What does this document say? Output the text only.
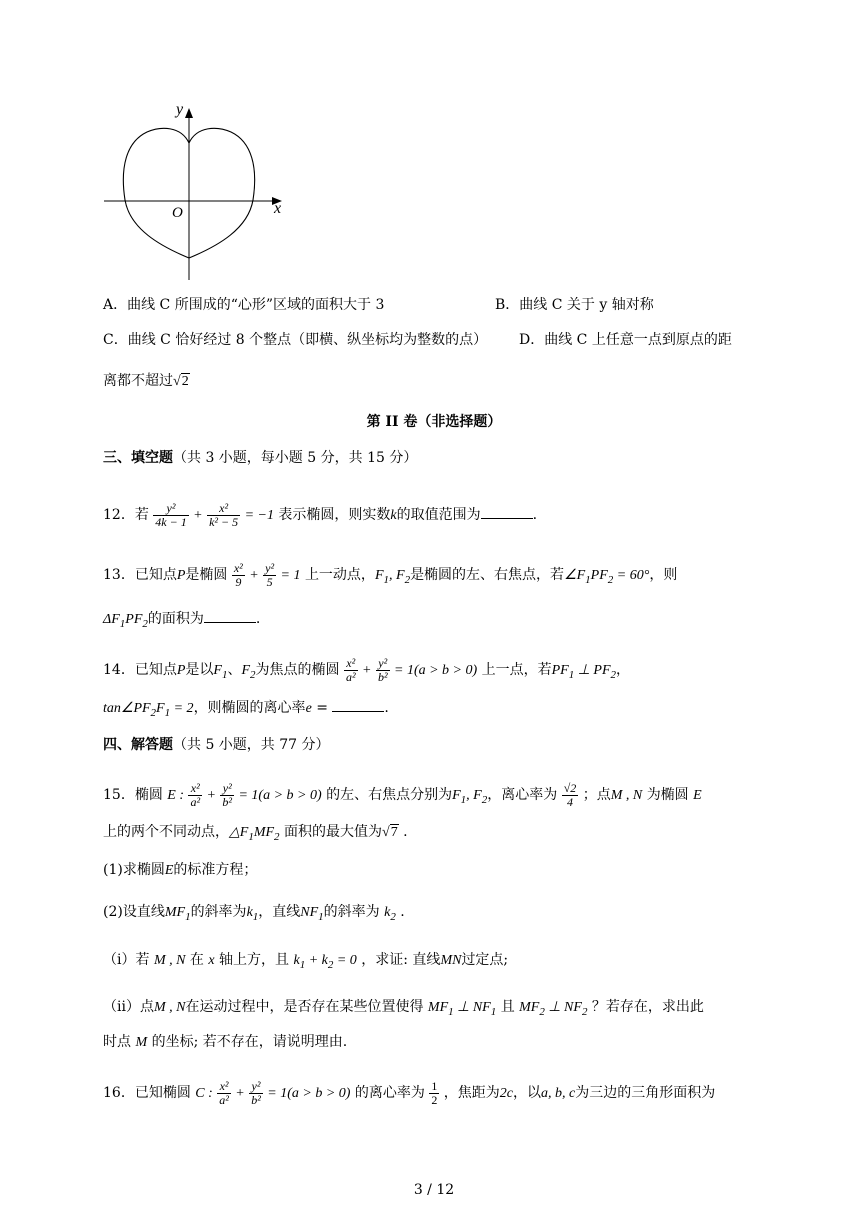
y
x
O
A．曲线 C 所围成的“心形”区域的面积大于 3	B．曲线 C 关于 y 轴对称
C．曲线 C 恰好经过 8 个整点（即横、纵坐标均为整数的点） D．曲线 C 上任意一点到原点的距
离都不超过√2
第 II 卷（非选择题）
三、填空题（共 3 小题，每小题 5 分，共 15 分）
12．若 $\frac{\text{y²}}{4k - 1} + \frac{\text{x²}}{\text{k² − 5}} = -1$ 表示椭圆，则实数k的取值范围为	.
13．已知点P是椭圆 $\frac{\text{x²}}{9} + \frac{\text{y²}}{5} = 1$ 上一动点，$F_1$, $F_2$是椭圆的左、右焦点，若$\angle F_1PF_2 = 60^\circ$，则
$\Delta F_1PF_2$的面积为	.
14．已知点P是以$F_1$、$F_2$为焦点的椭圆 $\frac{\text{x²}}{\text{a²}} + \frac{\text{y²}}{\text{b²}} = 1(a > b > 0)$ 上一点，若$PF_1$ ⊥ $PF_2$，
$\tan\angle PF_2F_1 = 2$，则椭圆的离心率e =	.
四、解答题（共 5 小题，共 77 分）
15．椭圆 E : $\frac{\text{x²}}{\text{a²}} + \frac{\text{y²}}{\text{b²}} = 1(a > b > 0)$ 的左、右焦点分别为$F_1$, $F_2$，离心率为 $\frac{√2}{4}$ ；点M , N 为椭圆 E
上的两个不同动点，$\triangle F_1MF_2$ 面积的最大值为√7 .
(1)求椭圆E的标准方程；
(2)设直线$MF_1$的斜率为$k_1$，直线$NF_1$的斜率为 $k_2$ .
（i）若 M , N 在 x 轴上方，且 $k_1 + k_2 = 0$ ，求证: 直线MN过定点;
（ii）点M , N在运动过程中，是否存在某些位置使得 $MF_1$ ⊥ $NF_1$ 且 $MF_2$ ⊥ $NF_2$ ？若存在，求出此
时点 M 的坐标; 若不存在，请说明理由.
16．已知椭圆 C : $\frac{\text{x²}}{\text{a²}} + \frac{\text{y²}}{\text{b²}} = 1(a > b > 0)$ 的离心率为 $\frac{1}{2}$ ，焦距为2c，以a, b, c为三边的三角形面积为
3 / 12
